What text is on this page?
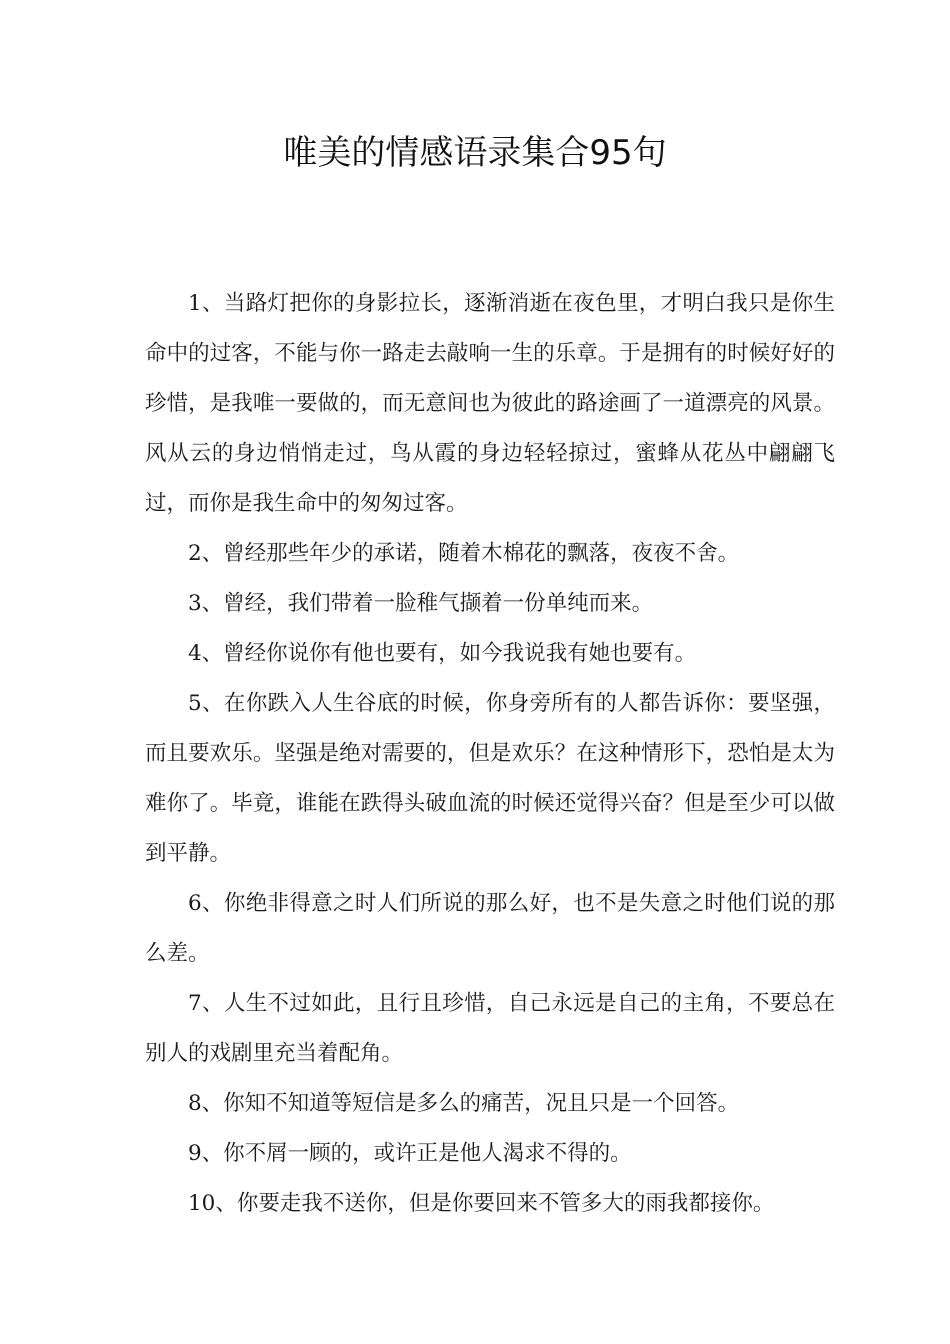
唯美的情感语录集合95句

1、当路灯把你的身影拉长，逐渐消逝在夜色里，才明白我只是你生命中的过客，不能与你一路走去敲响一生的乐章。于是拥有的时候好好的珍惜，是我唯一要做的，而无意间也为彼此的路途画了一道漂亮的风景。风从云的身边悄悄走过，鸟从霞的身边轻轻掠过，蜜蜂从花丛中翩翩飞过，而你是我生命中的匆匆过客。

2、曾经那些年少的承诺，随着木棉花的飘落，夜夜不舍。

3、曾经，我们带着一脸稚气撷着一份单纯而来。

4、曾经你说你有他也要有，如今我说我有她也要有。

5、在你跌入人生谷底的时候，你身旁所有的人都告诉你：要坚强，而且要欢乐。坚强是绝对需要的，但是欢乐？在这种情形下，恐怕是太为难你了。毕竟，谁能在跌得头破血流的时候还觉得兴奋？但是至少可以做到平静。

6、你绝非得意之时人们所说的那么好，也不是失意之时他们说的那么差。

7、人生不过如此，且行且珍惜，自己永远是自己的主角，不要总在别人的戏剧里充当着配角。

8、你知不知道等短信是多么的痛苦，况且只是一个回答。

9、你不屑一顾的，或许正是他人渴求不得的。

10、你要走我不送你，但是你要回来不管多大的雨我都接你。
